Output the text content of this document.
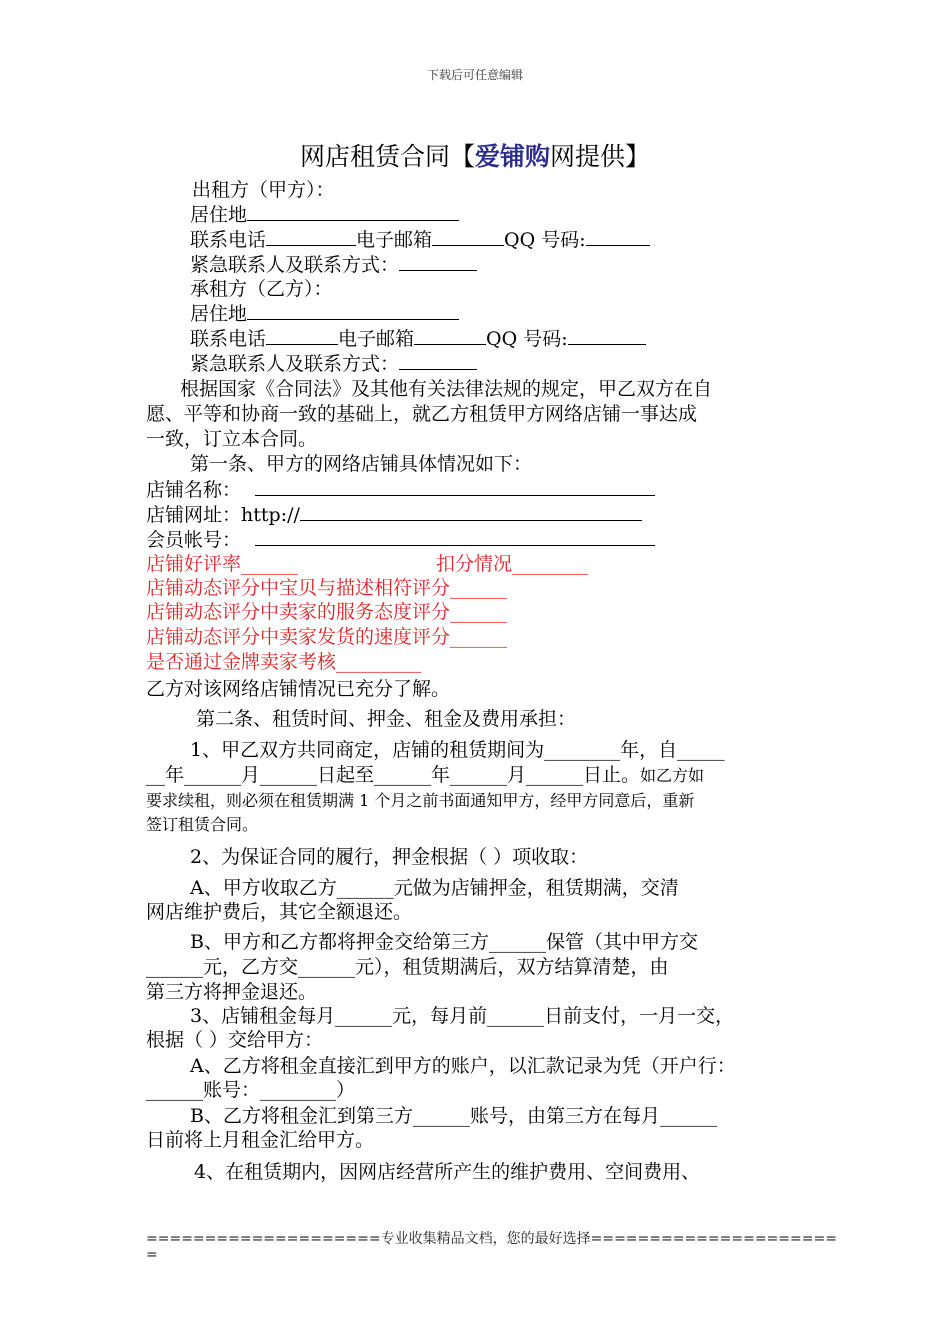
下载后可任意编辑
网店租赁合同【爱铺购网提供】
出租方（甲方）：
居住地
联系电话	电子邮箱	QQ 号码:
紧急联系人及联系方式：
承租方（乙方）：
居住地
联系电话	电子邮箱	QQ 号码:
紧急联系人及联系方式：
根据国家《合同法》及其他有关法律法规的规定，甲乙双方在自
愿、平等和协商一致的基础上，就乙方租赁甲方网络店铺一事达成
一致，订立本合同。
第一条、甲方的网络店铺具体情况如下：
店铺名称：
店铺网址：http://
会员帐号：
店铺好评率______	扣分情况________
店铺动态评分中宝贝与描述相符评分______
店铺动态评分中卖家的服务态度评分______
店铺动态评分中卖家发货的速度评分______
是否通过金牌卖家考核_________
乙方对该网络店铺情况已充分了解。
第二条、租赁时间、押金、租金及费用承担：
1、甲乙双方共同商定，店铺的租赁期间为________年，自_____
__年______月______日起至______年______月______日止。如乙方如
要求续租，则必须在租赁期满 1 个月之前书面通知甲方，经甲方同意后，重新
签订租赁合同。
2、为保证合同的履行，押金根据（ ）项收取：
A、甲方收取乙方______元做为店铺押金，租赁期满，交清
网店维护费后，其它全额退还。
B、甲方和乙方都将押金交给第三方______保管（其中甲方交
______元，乙方交______元），租赁期满后，双方结算清楚，由
第三方将押金退还。
3、店铺租金每月______元，每月前______日前支付，一月一交，
根据（ ）交给甲方：
A、乙方将租金直接汇到甲方的账户，以汇款记录为凭（开户行：
______账号：________）
B、乙方将租金汇到第三方______账号，由第三方在每月______
日前将上月租金汇给甲方。
4、在租赁期内，因网店经营所产生的维护费用、空间费用、
====================专业收集精品文档，您的最好选择=====================
=
